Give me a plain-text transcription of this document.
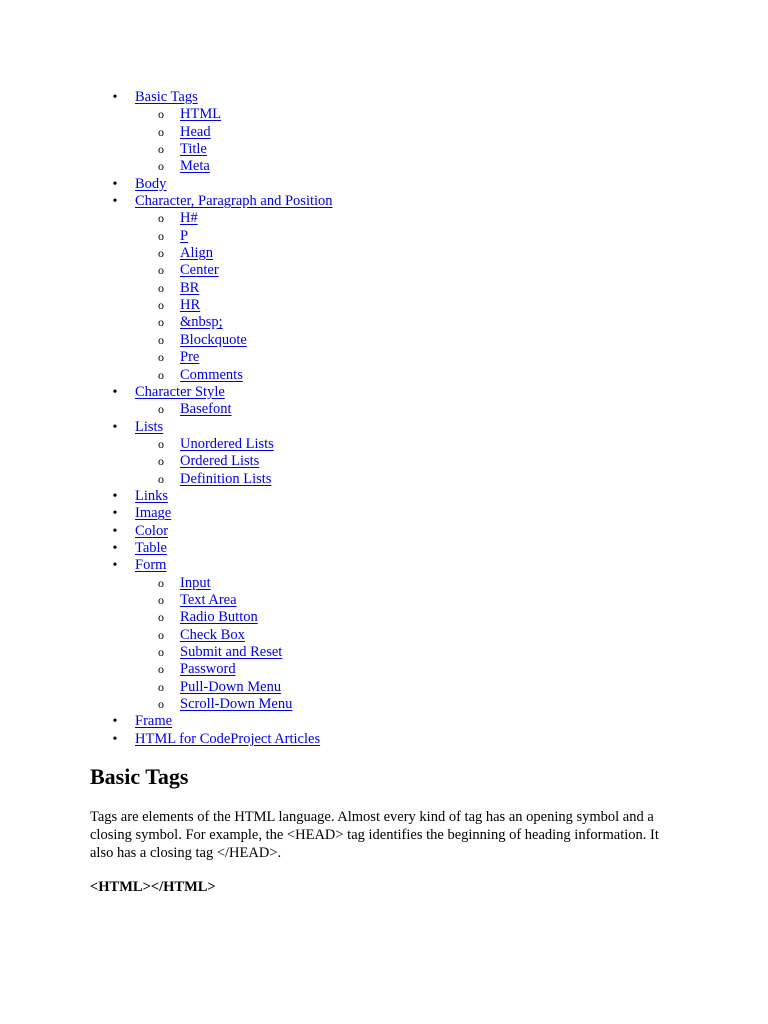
• Basic Tags
o HTML
o Head
o Title
o Meta
• Body
• Character, Paragraph and Position
o H#
o P
o Align
o Center
o BR
o HR
o &nbsp;
o Blockquote
o Pre
o Comments
• Character Style
o Basefont
• Lists
o Unordered Lists
o Ordered Lists
o Definition Lists
• Links
• Image
• Color
• Table
• Form
o Input
o Text Area
o Radio Button
o Check Box
o Submit and Reset
o Password
o Pull-Down Menu
o Scroll-Down Menu
• Frame
• HTML for CodeProject Articles
Basic Tags

Tags are elements of the HTML language. Almost every kind of tag has an opening symbol and a closing symbol. For example, the <HEAD> tag identifies the beginning of heading information. It also has a closing tag </HEAD>.

<HTML></HTML>
